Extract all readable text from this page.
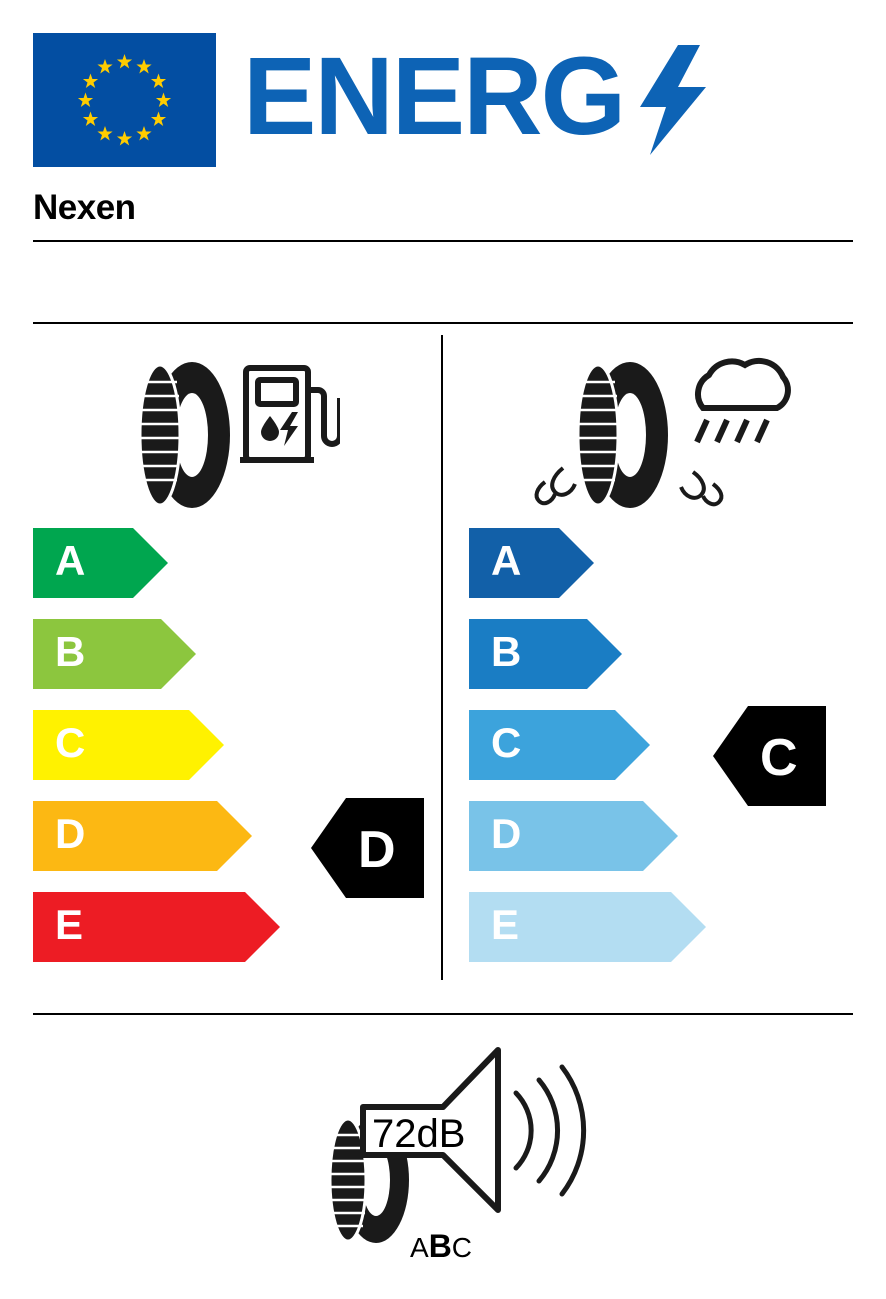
ENERG
Nexen
A
B
C
D
E
D
A
B
C
D
E
C
72dB
ABC
